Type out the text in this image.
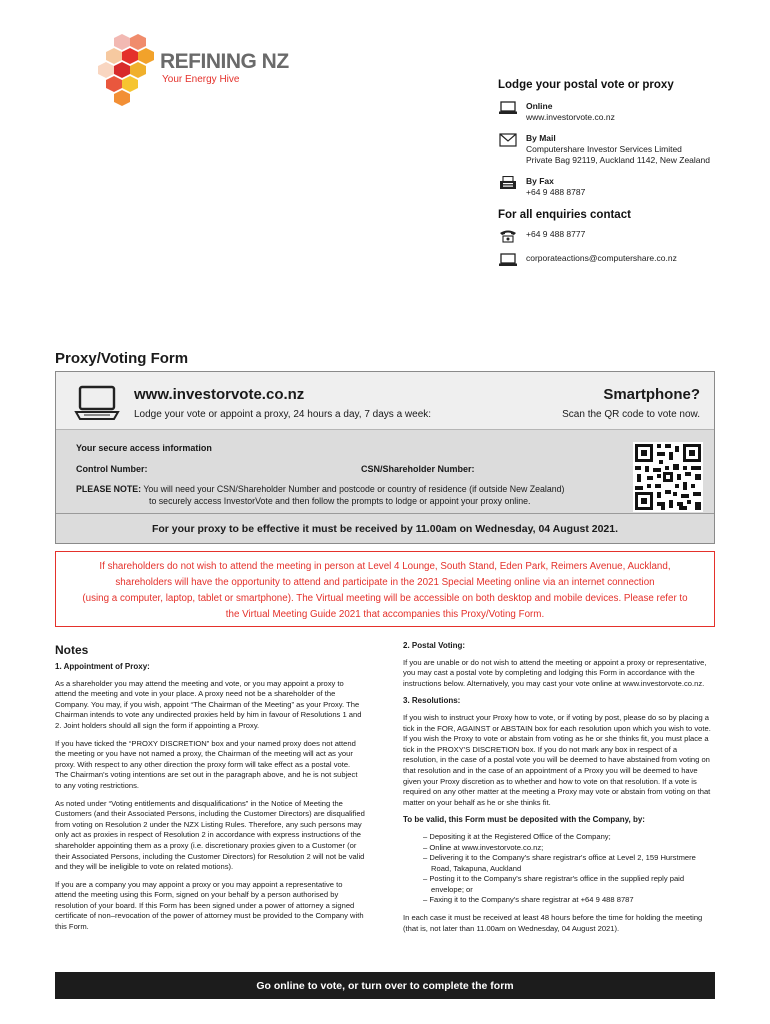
REFINING NZ
Your Energy Hive	Lodge your postal vote or proxy
Online
www.investorvote.co.nz
By Mail
Computershare Investor Services Limited
Private Bag 92119, Auckland 1142, New Zealand
By Fax
+64 9 488 8787
For all enquiries contact
+64 9 488 8777
corporateactions@computershare.co.nz
Proxy/Voting Form
www.investorvote.co.nz
Lodge your vote or appoint a proxy, 24 hours a day, 7 days a week:
Smartphone?
Scan the QR code to vote now.
Your secure access information
Control Number:	CSN/Shareholder Number:
PLEASE NOTE: You will need your CSN/Shareholder Number and postcode or country of residence (if outside New Zealand)
to securely access InvestorVote and then follow the prompts to lodge or appoint your proxy online.
For your proxy to be effective it must be received by 11.00am on Wednesday, 04 August 2021.
If shareholders do not wish to attend the meeting in person at Level 4 Lounge, South Stand, Eden Park, Reimers Avenue, Auckland,
shareholders will have the opportunity to attend and participate in the 2021 Special Meeting online via an internet connection
(using a computer, laptop, tablet or smartphone). The Virtual meeting will be accessible on both desktop and mobile devices. Please refer to
the Virtual Meeting Guide 2021 that accompanies this Proxy/Voting Form.
Notes
1. Appointment of Proxy:

As a shareholder you may attend the meeting and vote, or you may appoint a proxy to attend the meeting and vote in your place. A proxy need not be a shareholder of the Company. You may, if you wish, appoint “The Chairman of the Meeting” as your Proxy. The Chairman intends to vote any undirected proxies held by him in favour of Resolutions 1 and 2. Joint holders should all sign the form if appointing a Proxy.

If you have ticked the “PROXY DISCRETION” box and your named proxy does not attend the meeting or you have not named a proxy, the Chairman of the meeting will act as your proxy. With respect to any other direction the proxy form will take effect as a postal vote. The Chairman's voting intentions are set out in the paragraph above, and he is not subject to any voting restrictions.

As noted under “Voting entitlements and disqualifications” in the Notice of Meeting the Customers (and their Associated Persons, including the Customer Directors) are disqualified from voting on Resolution 2 under the NZX Listing Rules. Therefore, any such persons may only act as proxies in respect of Resolution 2 in accordance with express instructions of the shareholder appointing them as a proxy (i.e. discretionary proxies given to a Customer (or their Associated Persons, including the Customer Directors) for Resolution 2 will not be valid and they will be ineligible to vote on related motions).

If you are a company you may appoint a proxy or you may appoint a representative to attend the meeting using this Form, signed on your behalf by a person authorised by resolution of your board. If this Form has been signed under a power of attorney a signed certificate of non–revocation of the power of attorney must be provided to the Company with this Form.

2. Postal Voting:

If you are unable or do not wish to attend the meeting or appoint a proxy or representative, you may cast a postal vote by completing and lodging this Form in accordance with the instructions below. Alternatively, you may cast your vote online at www.investorvote.co.nz.

3. Resolutions:

If you wish to instruct your Proxy how to vote, or if voting by post, please do so by placing a tick in the FOR, AGAINST or ABSTAIN box for each resolution upon which you wish to vote. If you wish the Proxy to vote or abstain from voting as he or she thinks fit, you must place a tick in the PROXY'S DISCRETION box. If you do not mark any box in respect of a resolution, in the case of a postal vote you will be deemed to have abstained from voting on that resolution and in the case of an appointment of a Proxy you will be deemed to have given your Proxy discretion as to whether and how to vote on that resolution. If a vote is required on any other matter at the meeting a Proxy may vote or abstain from voting on that matter on your behalf as he or she thinks fit.

To be valid, this Form must be deposited with the Company, by:
– Depositing it at the Registered Office of the Company;
– Online at www.investorvote.co.nz;
– Delivering it to the Company's share registrar's office at Level 2, 159 Hurstmere Road, Takapuna, Auckland
– Posting it to the Company's share registrar's office in the supplied reply paid envelope; or
– Faxing it to the Company's share registrar at +64 9 488 8787

In each case it must be received at least 48 hours before the time for holding the meeting (that is, not later than 11.00am on Wednesday, 04 August 2021).

Go online to vote, or turn over to complete the form
